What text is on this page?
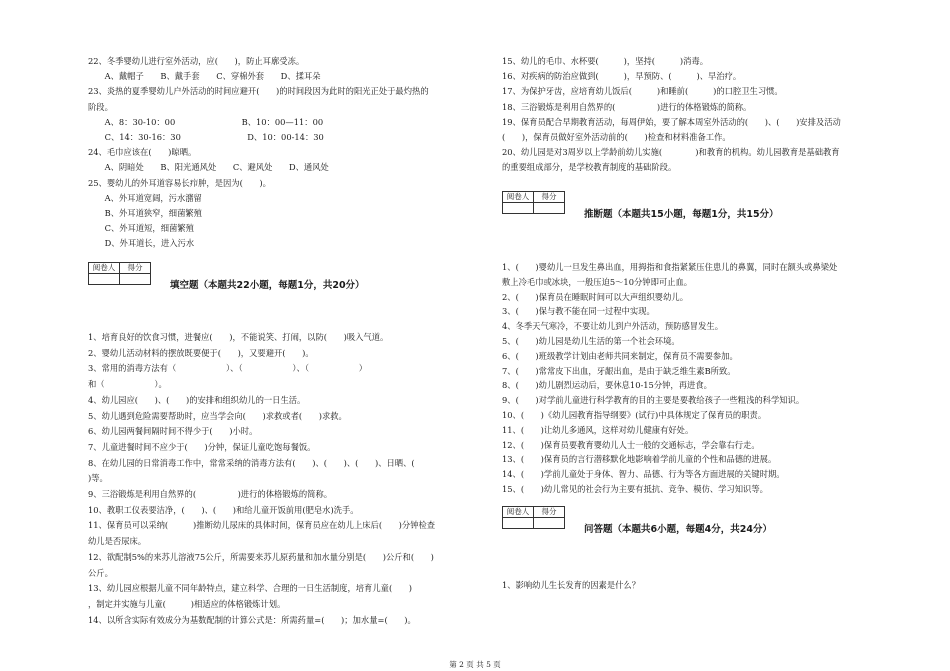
22、冬季婴幼儿进行室外活动，应(　　)，防止耳廓受冻。
　　A、戴帽子　　B、戴手套　　C、穿棉外套　　D、揉耳朵
23、炎热的夏季婴幼儿户外活动的时间应避开(　　)的时间段因为此时的阳光正处于最灼热的
阶段。
　　A、8：30-10：00　　　　　　　　B、10：00—11：00
　　C、14：30-16：30　　　　　　　　D、10：00-14：30
24、毛巾应该在(　　)晾晒。
　　A、阴暗处　　B、阳光通风处　　C、避风处　　D、通风处
25、婴幼儿的外耳道容易长疖肿，是因为(　　)。
　　A、外耳道宽阔，污水潴留
　　B、外耳道狭窄，细菌繁殖
　　C、外耳道短，细菌繁殖
　　D、外耳道长，进入污水
阅卷人	得分

填空题（本题共22小题，每题1分，共20分）
1、培育良好的饮食习惯，进餐应(　　)，不能说笑、打闹，以防(　　)吸入气道。
2、婴幼儿活动材料的摆放既要便于(　　)，又要避开(　　)。
3、常用的消毒方法有（　　　　　　）、（　　　　　　）、（　　　　　　）
和（　　　　　　）。
4、幼儿园应(　　)、(　　)的安排和组织幼儿的一日生活。
5、幼儿遇到危险需要帮助时，应当学会向(　　)求救或者(　　)求救。
6、幼儿园两餐间隔时间不得少于(　　)小时。
7、儿童进餐时间不应少于(　　)分钟，保证儿童吃饱每餐饭。
8、在幼儿园的日常消毒工作中，常常采纳的消毒方法有(　　)、(　　)、(　　)、日晒、(　　
)等。
9、三浴锻炼是利用自然界的(　　　　　)进行的体格锻炼的简称。
10、教职工仪表要洁净，(　　)、(　　)和给儿童开饭前用(肥皂水)洗手。
11、保育员可以采纳(　　　)推断幼儿尿床的具体时间，保育员应在幼儿上床后(　　)分钟检查
幼儿是否尿床。
12、欲配制5%的来苏儿溶液75公斤，所需要来苏儿原药量和加水量分别是(　　)公斤和(　　)
公斤。
13、幼儿园应根据儿童不同年龄特点，建立科学、合理的一日生活制度，培育儿童(　　)
，制定并实施与儿童(　　　)相适应的体格锻炼计划。
14、以所含实际有效成分为基数配制的计算公式是：所需药量=(　　)；加水量=(　　)。
15、幼儿的毛巾、水杯要(　　　)，坚持(　　　)消毒。
16、对疾病的防治应做到(　　　)，早预防、(　　　)、早治疗。
17、为保护牙齿，应培育幼儿饭后(　　　)和睡前(　　　)的口腔卫生习惯。
18、三浴锻炼是利用自然界的(　　　　　)进行的体格锻炼的简称。
19、保育员配合早期教育活动，每周伊始，要了解本周室外活动的(　　)、(　　)安排及活动
(　　)，保育员做好室外活动前的(　　)检查和材料准备工作。
20、幼儿园是对3周岁以上学龄前幼儿实施(　　　　)和教育的机构。幼儿园教育是基础教育
的重要组成部分，是学校教育制度的基础阶段。
阅卷人	得分

推断题（本题共15小题，每题1分，共15分）
1、(　　)婴幼儿一旦发生鼻出血，用拇指和食指紧紧压住患儿的鼻翼，同时在额头或鼻梁处
敷上冷毛巾或冰块，一般压迫5～10分钟即可止血。
2、(　　)保育员在睡眠时间可以大声组织婴幼儿。
3、(　　)保与教不能在同一过程中实现。
4、冬季天气寒冷，不要让幼儿到户外活动，预防感冒发生。
5、(　　)幼儿园是幼儿生活的第一个社会环境。
6、(　　)班级教学计划由老师共同来制定，保育员不需要参加。
7、(　　)常常皮下出血，牙龈出血，是由于缺乏维生素B所致。
8、(　　)幼儿剧烈运动后，要休息10-15分钟，再进食。
9、(　　)对学前儿童进行科学教育的目的主要是要教给孩子一些粗浅的科学知识。
10、(　　)《幼儿园教育指导纲要》(试行)中具体规定了保育员的职责。
11、(　　)让幼儿多通风，这样对幼儿健康有好处。
12、(　　)保育员要教育婴幼儿人士一般的交通标志，学会靠右行走。
13、(　　)保育员的言行潜移默化地影响着学前儿童的个性和品德的进展。
14、(　　)学前儿童处于身体、智力、品德、行为等各方面进展的关键时期。
15、(　　)幼儿常见的社会行为主要有抵抗、竞争、模仿、学习知识等。
阅卷人	得分

问答题（本题共6小题，每题4分，共24分）
1、影响幼儿生长发育的因素是什么？
第 2 页 共 5 页
